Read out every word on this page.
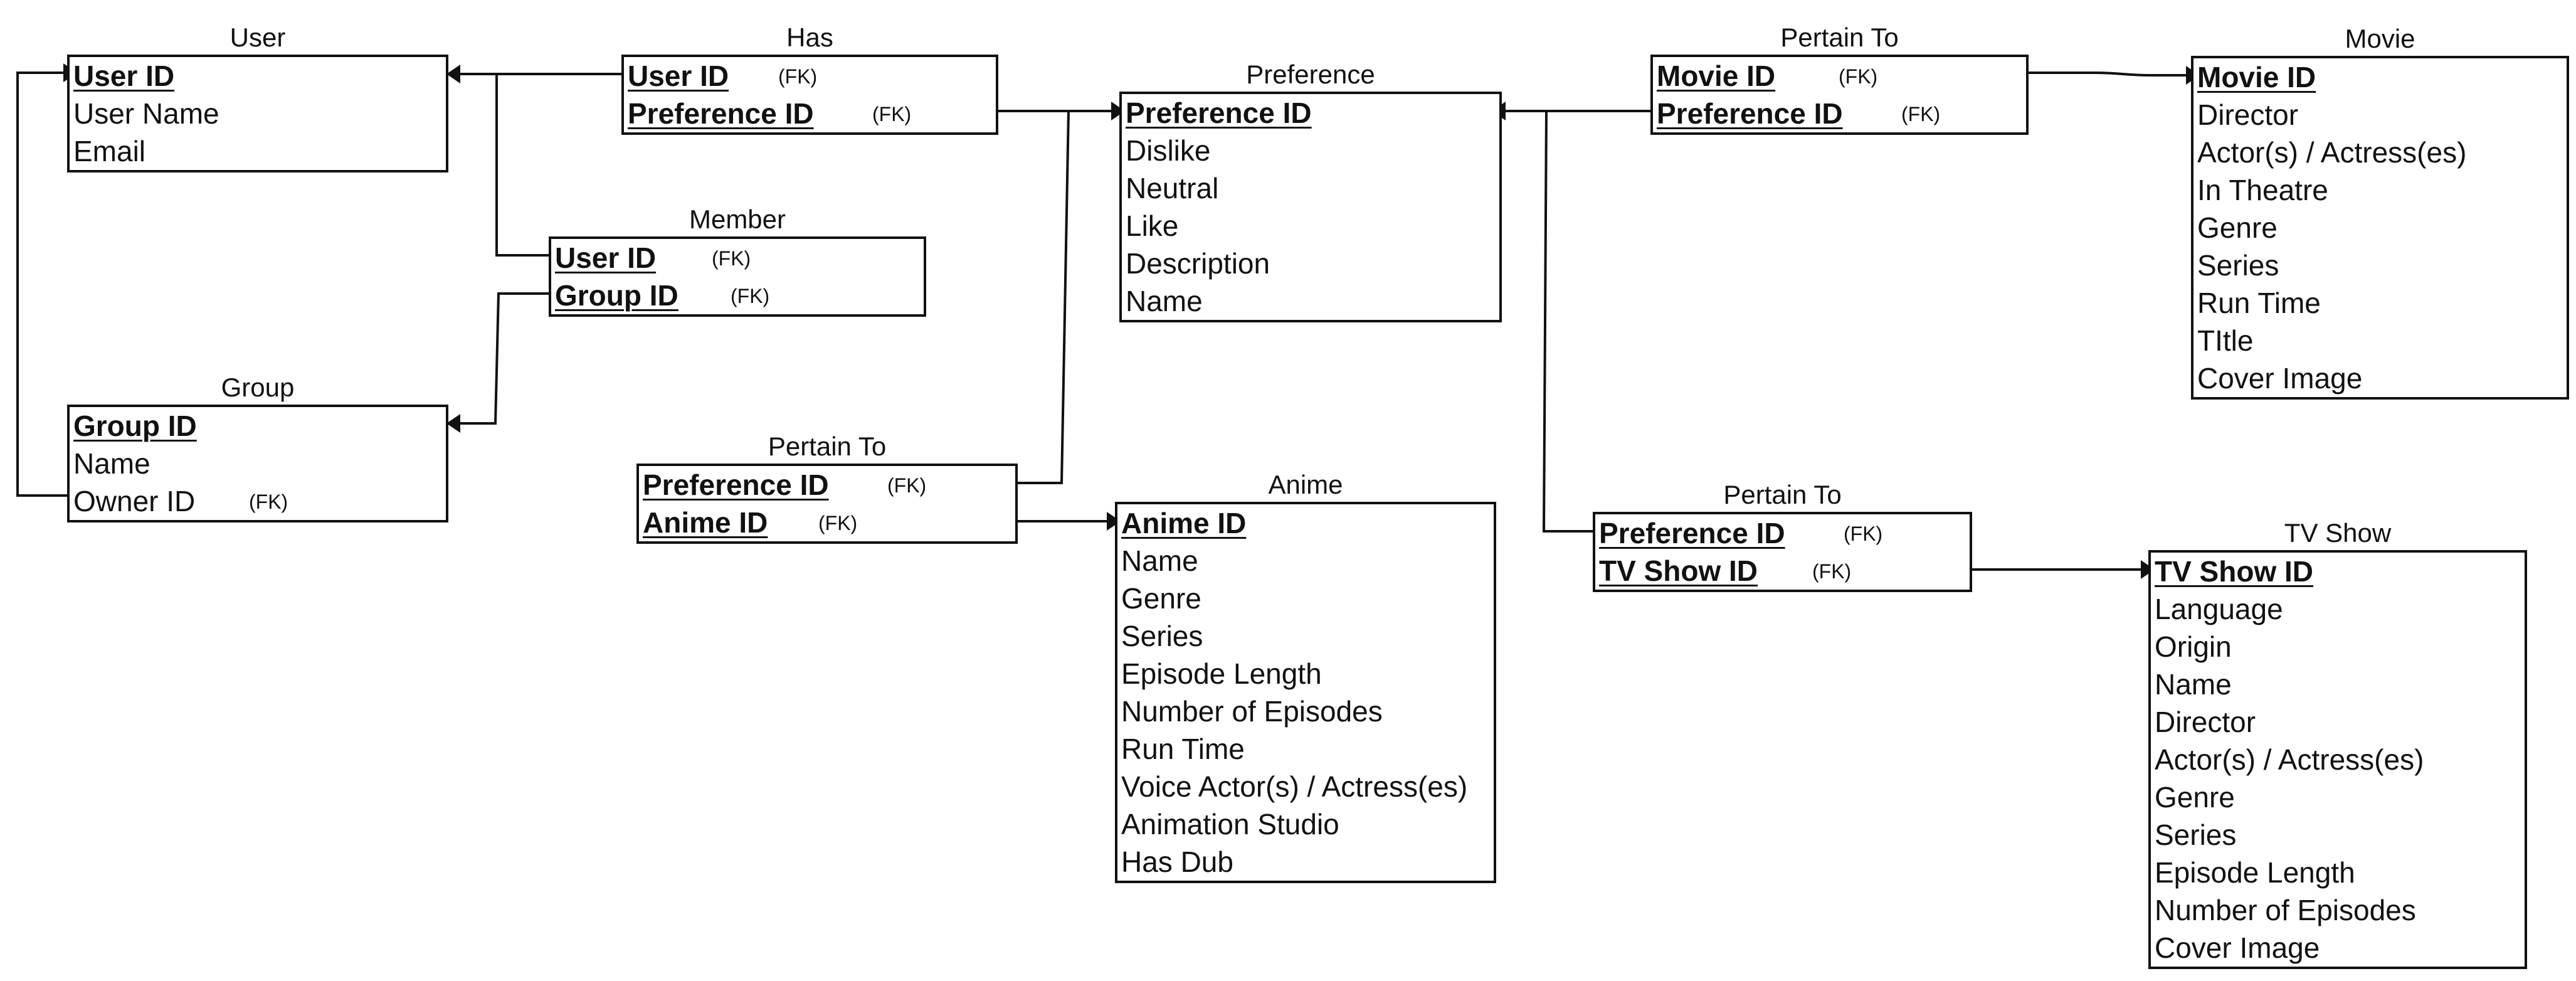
User
User ID
User Name
Email
Has
User ID (FK)
Preference ID	(FK)
Member
User ID	(FK)
Group ID	(FK)
Group
Group ID
Name
Owner ID	(FK)
Preference
Preference ID
Dislike
Neutral
Like
Description
Name
Pertain To
Preference ID	(FK)
Anime ID	(FK)
Anime
Anime ID
Name
Genre
Series
Episode Length
Number of Episodes
Run Time
Voice Actor(s) / Actress(es)
Animation Studio
Has Dub
Pertain To
Movie ID	(FK)
Preference ID	(FK)
Movie
Movie ID
Director
Actor(s) / Actress(es)
In Theatre
Genre
Series
Run Time
TItle
Cover Image
Pertain To
Preference ID	(FK)
TV Show ID	(FK)
TV Show
TV Show ID
Language
Origin
Name
Director
Actor(s) / Actress(es)
Genre
Series
Episode Length
Number of Episodes
Cover Image
